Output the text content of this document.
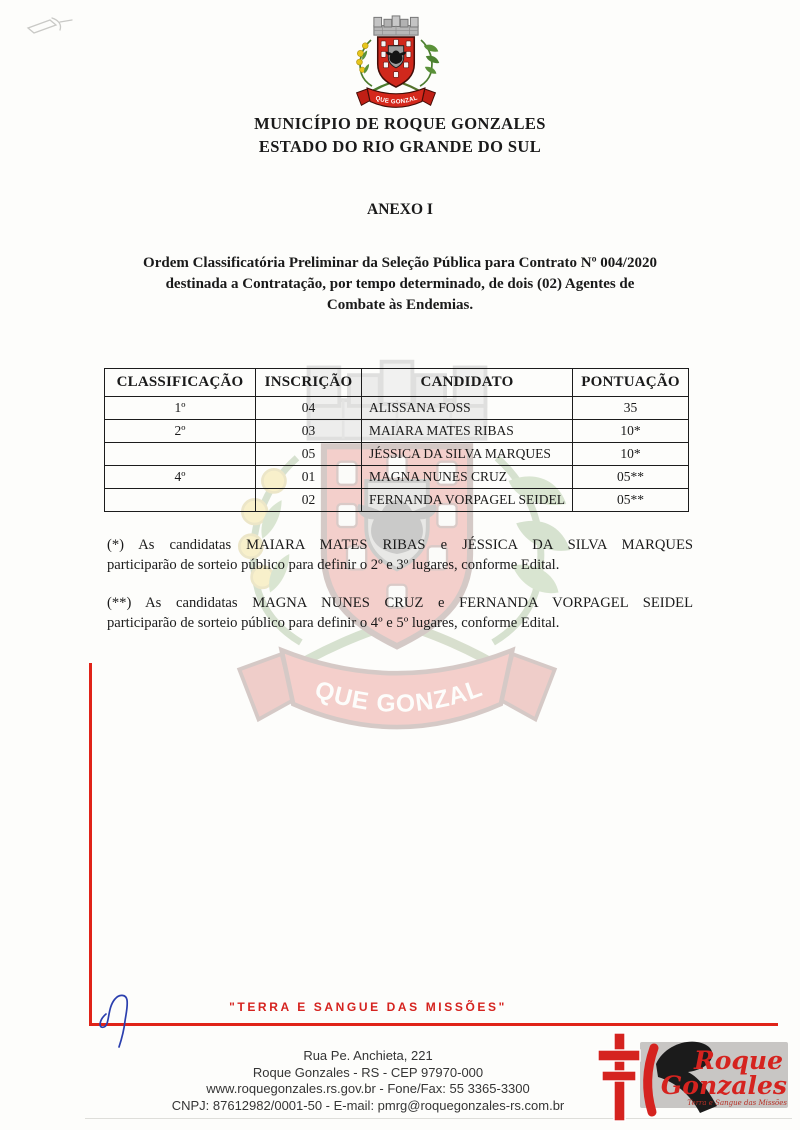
MUNICÍPIO DE ROQUE GONZALES
ESTADO DO RIO GRANDE DO SUL
ANEXO I
Ordem Classificatória Preliminar da Seleção Pública para Contrato Nº 004/2020
destinada a Contratação, por tempo determinado, de dois (02) Agentes de
Combate às Endemias.
CLASSIFICAÇÃO	INSCRIÇÃO	CANDIDATO	PONTUAÇÃO
1º	04	ALISSANA FOSS	35
2º	03	MAIARA MATES RIBAS	10*
	05	JÉSSICA DA SILVA MARQUES	10*
4º	01	MAGNA NUNES CRUZ	05**
	02	FERNANDA VORPAGEL SEIDEL	05**

(*) As candidatas MAIARA MATES RIBAS e JÉSSICA DA SILVA MARQUES
participarão de sorteio público para definir o 2º e 3º lugares, conforme Edital.

(**) As candidatas MAGNA NUNES CRUZ e FERNANDA VORPAGEL SEIDEL
participarão de sorteio público para definir o 4º e 5º lugares, conforme Edital.

"TERRA E SANGUE DAS MISSÕES"
Rua Pe. Anchieta, 221
Roque Gonzales - RS - CEP 97970-000
www.roquegonzales.rs.gov.br - Fone/Fax: 55 3365-3300
CNPJ: 87612982/0001-50 - E-mail: pmrg@roquegonzales-rs.com.br
Roque
Gonzales
Terra e Sangue das Missões
